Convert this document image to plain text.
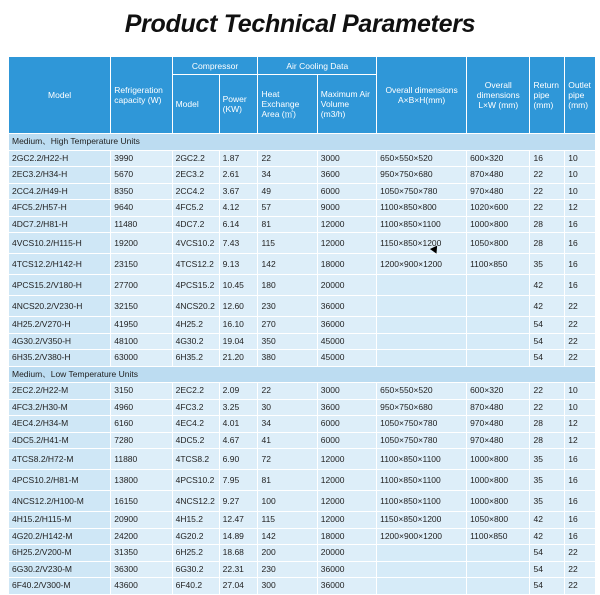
Product Technical Parameters
Model	Refrigeration capacity (W)	Compressor		Air Cooling Data		Overall dimensions A×B×H(mm)	Overall dimensions L×W (mm)	Return pipe (mm)	Outlet pipe (mm)
		Model	Power (KW)	Heat Exchange Area (㎡)	Maximum Air Volume (m3/h)				
Medium、High Temperature Units									
2GC2.2/H22-H	3990	2GC2.2	1.87	22	3000	650×550×520	600×320	16	10
2EC3.2/H34-H	5670	2EC3.2	2.61	34	3600	950×750×680	870×480	22	10
2CC4.2/H49-H	8350	2CC4.2	3.67	49	6000	1050×750×780	970×480	22	10
4FC5.2/H57-H	9640	4FC5.2	4.12	57	9000	1100×850×800	1020×600	22	12
4DC7.2/H81-H	11480	4DC7.2	6.14	81	12000	1100×850×1100	1000×800	28	16
4VCS10.2/H115-H	19200	4VCS10.2	7.43	115	12000	1150×850×1200	1050×800	28	16
4TCS12.2/H142-H	23150	4TCS12.2	9.13	142	18000	1200×900×1200	1100×850	35	16
4PCS15.2/V180-H	27700	4PCS15.2	10.45	180	20000			42	16
4NCS20.2/V230-H	32150	4NCS20.2	12.60	230	36000			42	22
4H25.2/V270-H	41950	4H25.2	16.10	270	36000			54	22
4G30.2/V350-H	48100	4G30.2	19.04	350	45000			54	22
6H35.2/V380-H	63000	6H35.2	21.20	380	45000			54	22
Medium、Low Temperature Units									
2EC2.2/H22-M	3150	2EC2.2	2.09	22	3000	650×550×520	600×320	22	10
4FC3.2/H30-M	4960	4FC3.2	3.25	30	3600	950×750×680	870×480	22	10
4EC4.2/H34-M	6160	4EC4.2	4.01	34	6000	1050×750×780	970×480	28	12
4DC5.2/H41-M	7280	4DC5.2	4.67	41	6000	1050×750×780	970×480	28	12
4TCS8.2/H72-M	11880	4TCS8.2	6.90	72	12000	1100×850×1100	1000×800	35	16
4PCS10.2/H81-M	13800	4PCS10.2	7.95	81	12000	1100×850×1100	1000×800	35	16
4NCS12.2/H100-M	16150	4NCS12.2	9.27	100	12000	1100×850×1100	1000×800	35	16
4H15.2/H115-M	20900	4H15.2	12.47	115	12000	1150×850×1200	1050×800	42	16
4G20.2/H142-M	24200	4G20.2	14.89	142	18000	1200×900×1200	1100×850	42	16
6H25.2/V200-M	31350	6H25.2	18.68	200	20000			54	22
6G30.2/V230-M	36300	6G30.2	22.31	230	36000			54	22
6F40.2/V300-M	43600	6F40.2	27.04	300	36000			54	22
